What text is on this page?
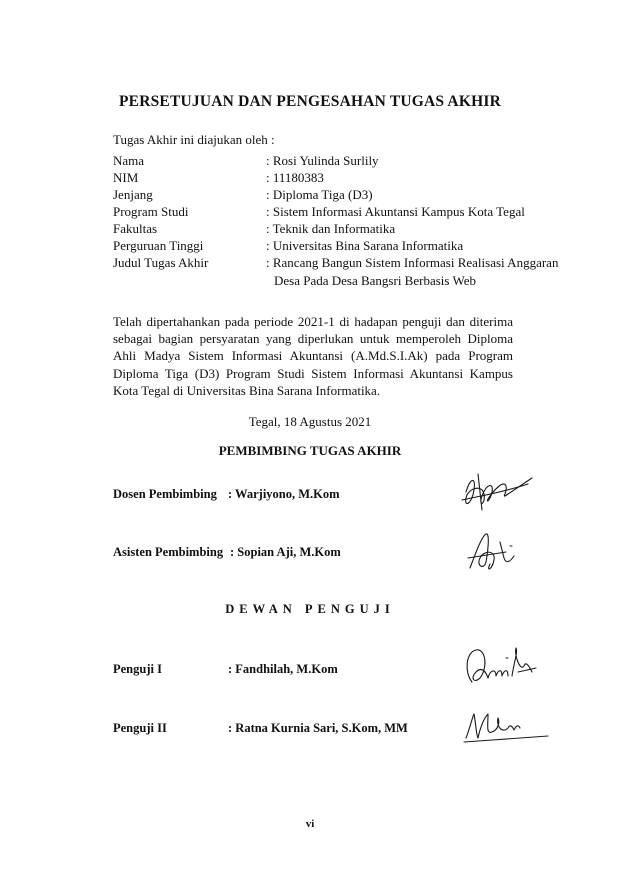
PERSETUJUAN DAN PENGESAHAN TUGAS AKHIR
Tugas Akhir ini diajukan oleh :
Nama	: Rosi Yulinda Surlily
NIM	: 11180383
Jenjang	: Diploma Tiga (D3)
Program Studi	: Sistem Informasi Akuntansi Kampus Kota Tegal
Fakultas	: Teknik dan Informatika
Perguruan Tinggi	: Universitas Bina Sarana Informatika
Judul Tugas Akhir	: Rancang Bangun Sistem Informasi Realisasi Anggaran
Desa Pada Desa Bangsri Berbasis Web
Telah dipertahankan pada periode 2021-1 di hadapan penguji dan diterima sebagai bagian persyaratan yang diperlukan untuk memperoleh Diploma Ahli Madya Sistem Informasi Akuntansi (A.Md.S.I.Ak) pada Program Diploma Tiga (D3) Program Studi Sistem Informasi Akuntansi Kampus Kota Tegal di Universitas Bina Sarana Informatika.
Tegal, 18 Agustus 2021
PEMBIMBING TUGAS AKHIR
Dosen Pembimbing : Warjiyono, M.Kom
Asisten Pembimbing : Sopian Aji, M.Kom
DEWAN PENGUJI
Penguji I	: Fandhilah, M.Kom
Penguji II	: Ratna Kurnia Sari, S.Kom, MM
vi
